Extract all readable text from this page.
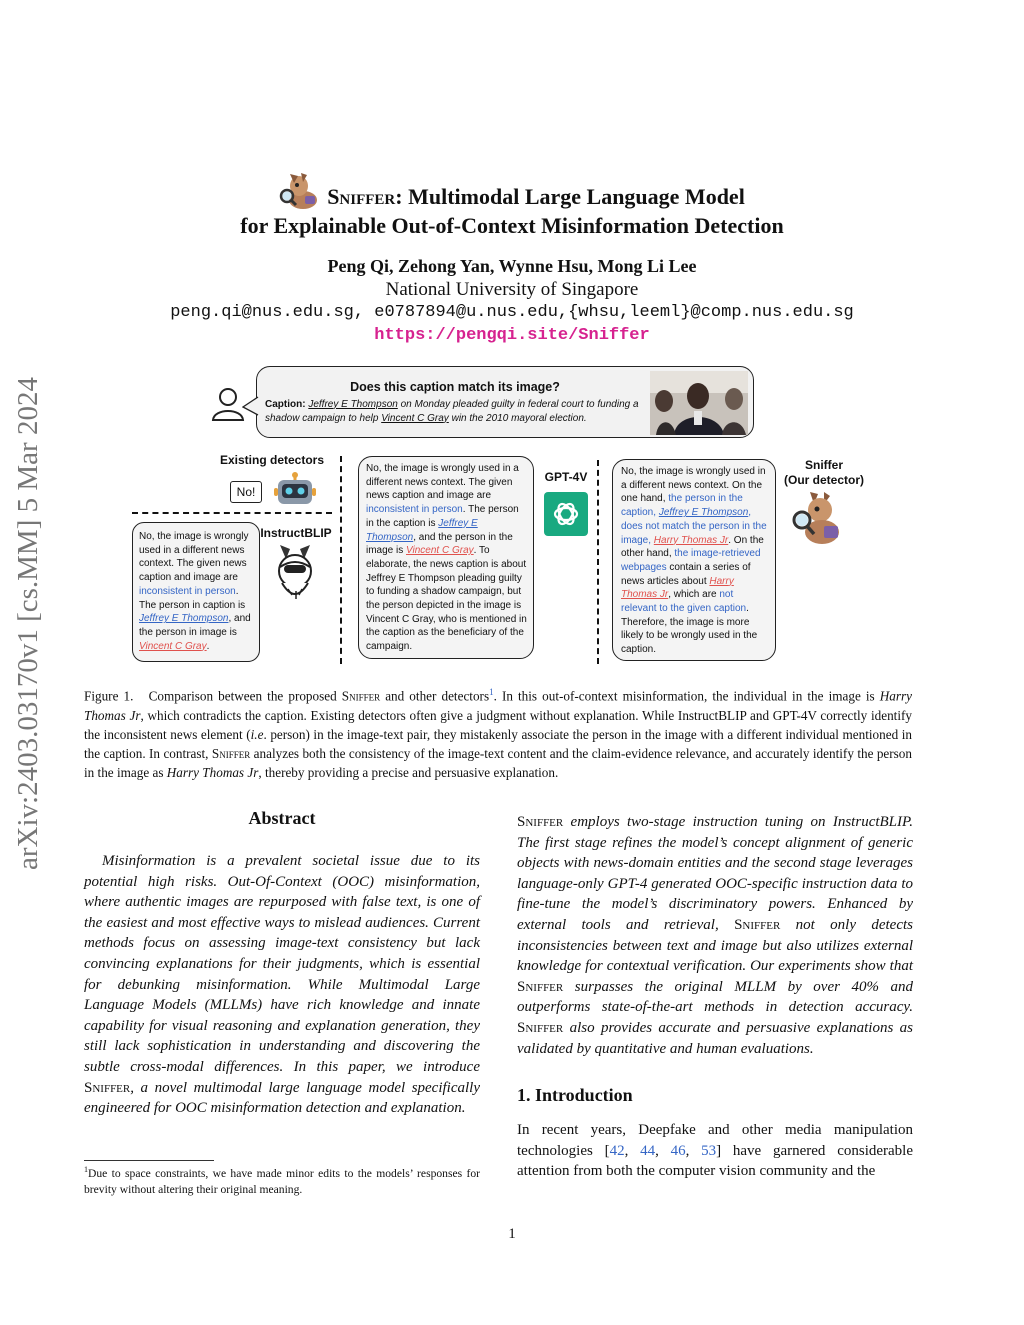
arXiv:2403.03170v1 [cs.MM] 5 Mar 2024
Sniffer: Multimodal Large Language Model
for Explainable Out-of-Context Misinformation Detection
Peng Qi, Zehong Yan, Wynne Hsu, Mong Li Lee
National University of Singapore
peng.qi@nus.edu.sg, e0787894@u.nus.edu,{whsu,leeml}@comp.nus.edu.sg
https://pengqi.site/Sniffer
Does this caption match its image?
Caption: Jeffrey E Thompson on Monday pleaded guilty in federal court to funding a shadow campaign to help Vincent C Gray win the 2010 mayoral election.
Existing detectors
No!
InstructBLIP
No, the image is wrongly used in a different news context. The given news caption and image are inconsistent in person. The person in caption is Jeffrey E Thompson, and the person in image is Vincent C Gray.
No, the image is wrongly used in a different news context. The given news caption and image are inconsistent in person. The person in the caption is Jeffrey E Thompson, and the person in the image is Vincent C Gray. To elaborate, the news caption is about Jeffrey E Thompson pleading guilty to funding a shadow campaign, but the person depicted in the image is Vincent C Gray, who is mentioned in the caption as the beneficiary of the campaign.
GPT-4V	No, the image is wrongly used in a different news context. On the one hand, the person in the caption, Jeffrey E Thompson, does not match the person in the image, Harry Thomas Jr. On the other hand, the image-retrieved webpages contain a series of news articles about Harry Thomas Jr, which are not relevant to the given caption. Therefore, the image is more likely to be wrongly used in the caption.
Sniffer
(Our detector)
Figure 1. Comparison between the proposed Sniffer and other detectors$^1$. In this out-of-context misinformation, the individual in the image is Harry Thomas Jr, which contradicts the caption. Existing detectors often give a judgment without explanation. While InstructBLIP and GPT-4V correctly identify the inconsistent news element (i.e. person) in the image-text pair, they mistakenly associate the person in the image with a different individual mentioned in the caption. In contrast, Sniffer analyzes both the consistency of the image-text content and the claim-evidence relevance, and accurately identify the person in the image as Harry Thomas Jr, thereby providing a precise and persuasive explanation.
Abstract

Misinformation is a prevalent societal issue due to its potential high risks. Out-Of-Context (OOC) misinformation, where authentic images are repurposed with false text, is one of the easiest and most effective ways to mislead audiences. Current methods focus on assessing image-text consistency but lack convincing explanations for their judgments, which is essential for debunking misinformation. While Multimodal Large Language Models (MLLMs) have rich knowledge and innate capability for visual reasoning and explanation generation, they still lack sophistication in understanding and discovering the subtle cross-modal differences. In this paper, we introduce Sniffer, a novel multimodal large language model specifically engineered for OOC misinformation detection and explanation.

Sniffer employs two-stage instruction tuning on InstructBLIP. The first stage refines the model’s concept alignment of generic objects with news-domain entities and the second stage leverages language-only GPT-4 generated OOC-specific instruction data to fine-tune the model’s discriminatory powers. Enhanced by external tools and retrieval, Sniffer not only detects inconsistencies between text and image but also utilizes external knowledge for contextual verification. Our experiments show that Sniffer surpasses the original MLLM by over 40% and outperforms state-of-the-art methods in detection accuracy. Sniffer also provides accurate and persuasive explanations as validated by quantitative and human evaluations.

1. Introduction

In recent years, Deepfake and other media manipulation technologies [42, 44, 46, 53] have garnered considerable attention from both the computer vision community and the

$^1$Due to space constraints, we have made minor edits to the models’ responses for brevity without altering their original meaning.
1
